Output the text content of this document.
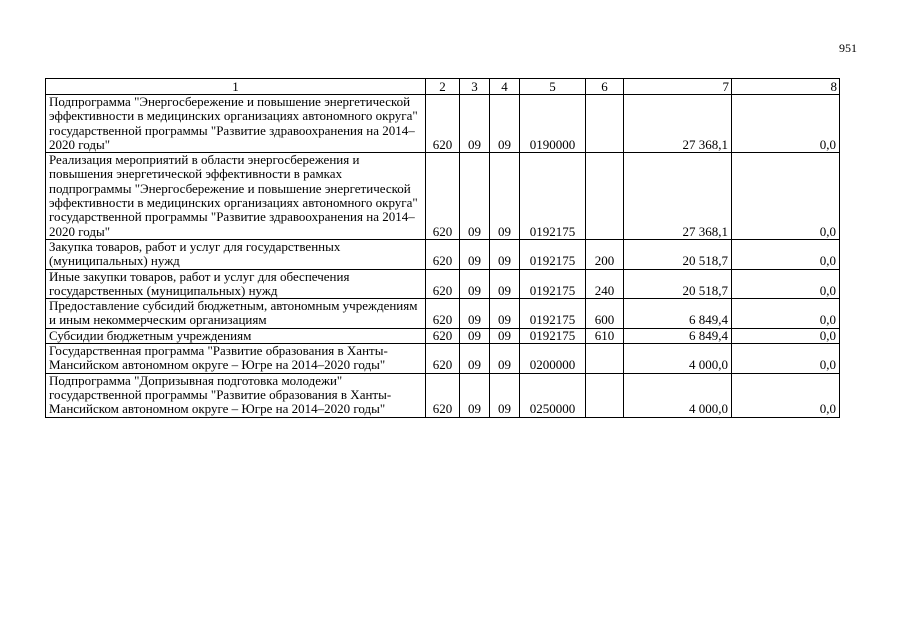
951
1	2	3	4	5	6	7	8
Подпрограмма "Энергосбережение и повышение энергетической эффективности в медицинских организациях автономного округа" государственной программы "Развитие здравоохранения на 2014–2020 годы"	620	09	09	0190000		27 368,1	0,0
Реализация мероприятий в области энергосбережения и повышения энергетической эффективности в рамках подпрограммы "Энергосбережение и повышение энергетической эффективности в медицинских организациях автономного округа" государственной программы "Развитие здравоохранения на 2014–2020 годы"	620	09	09	0192175		27 368,1	0,0
Закупка товаров, работ и услуг для государственных (муниципальных) нужд	620	09	09	0192175	200	20 518,7	0,0
Иные закупки товаров, работ и услуг для обеспечения государственных (муниципальных) нужд	620	09	09	0192175	240	20 518,7	0,0
Предоставление субсидий бюджетным, автономным учреждениям и иным некоммерческим организациям	620	09	09	0192175	600	6 849,4	0,0
Субсидии бюджетным учреждениям	620	09	09	0192175	610	6 849,4	0,0
Государственная программа "Развитие образования в Ханты-Мансийском автономном округе – Югре на 2014–2020 годы"	620	09	09	0200000		4 000,0	0,0
Подпрограмма "Допризывная подготовка молодежи" государственной программы "Развитие образования в Ханты-Мансийском автономном округе – Югре на 2014–2020 годы"	620	09	09	0250000		4 000,0	0,0
